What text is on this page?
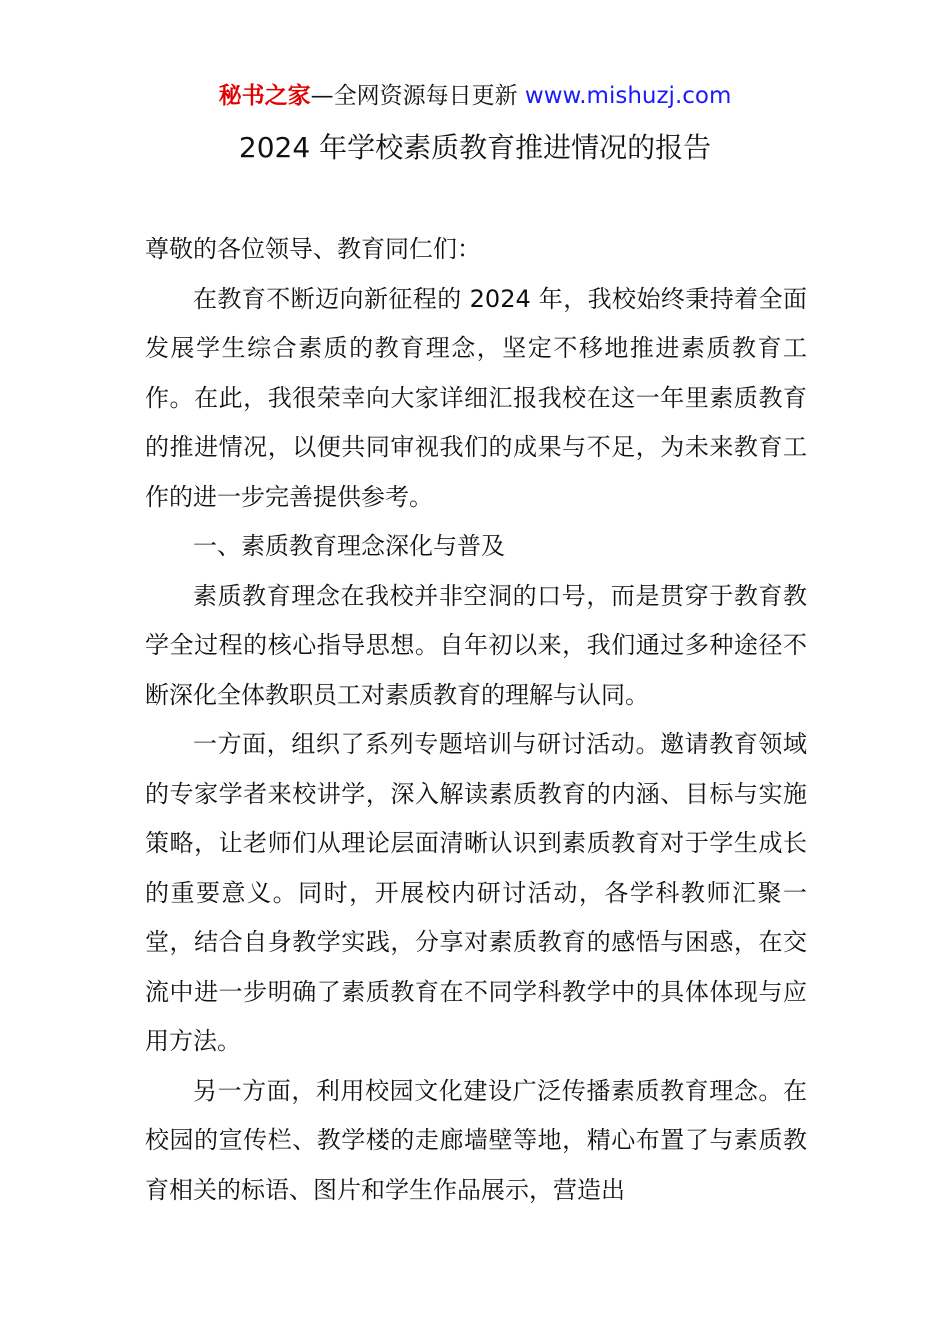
秘书之家—全网资源每日更新 www.mishuzj.com
2024 年学校素质教育推进情况的报告

尊敬的各位领导、教育同仁们：

在教育不断迈向新征程的 2024 年，我校始终秉持着全面发展学生综合素质的教育理念，坚定不移地推进素质教育工作。在此，我很荣幸向大家详细汇报我校在这一年里素质教育的推进情况，以便共同审视我们的成果与不足，为未来教育工作的进一步完善提供参考。

一、素质教育理念深化与普及

素质教育理念在我校并非空洞的口号，而是贯穿于教育教学全过程的核心指导思想。自年初以来，我们通过多种途径不断深化全体教职员工对素质教育的理解与认同。

一方面，组织了系列专题培训与研讨活动。邀请教育领域的专家学者来校讲学，深入解读素质教育的内涵、目标与实施策略，让老师们从理论层面清晰认识到素质教育对于学生成长的重要意义。同时，开展校内研讨活动，各学科教师汇聚一堂，结合自身教学实践，分享对素质教育的感悟与困惑，在交流中进一步明确了素质教育在不同学科教学中的具体体现与应用方法。

另一方面，利用校园文化建设广泛传播素质教育理念。在校园的宣传栏、教学楼的走廊墙壁等地，精心布置了与素质教育相关的标语、图片和学生作品展示，营造出
